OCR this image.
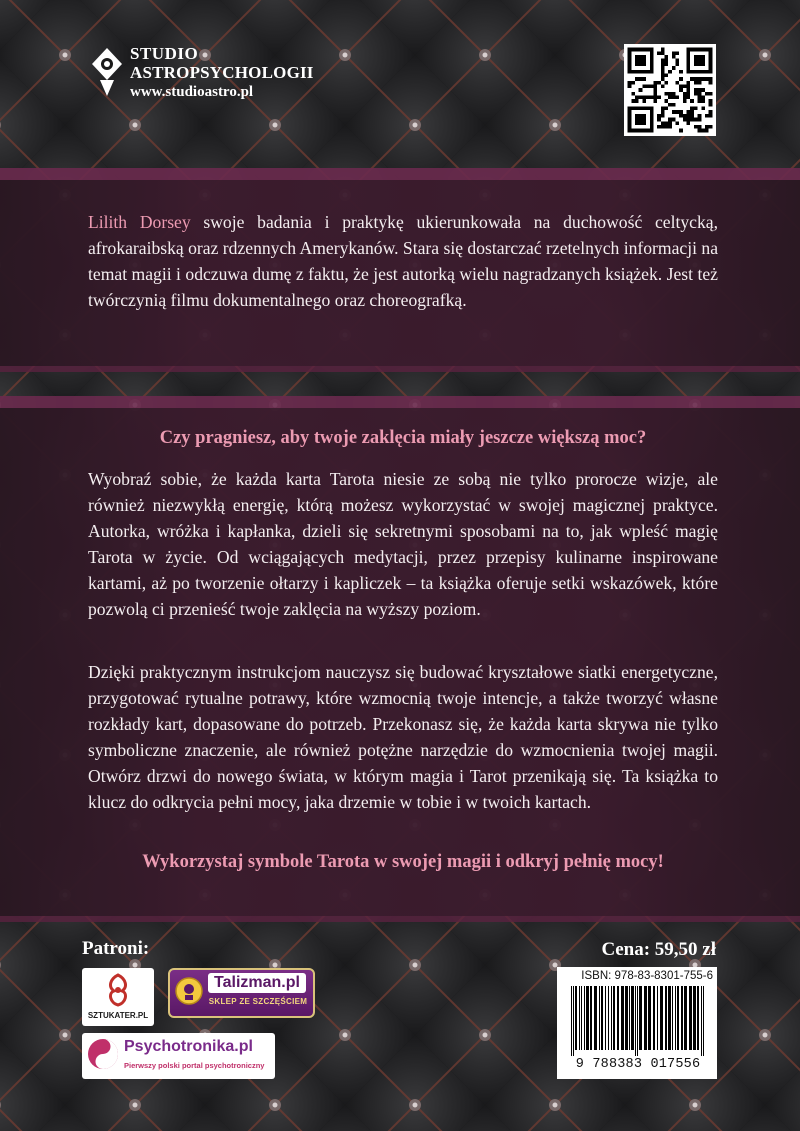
STUDIO
ASTROPSYCHOLOGII
www.studioastro.pl
Lilith Dorsey swoje badania i praktykę ukierunkowała na duchowość celtycką, afrokaraibską oraz rdzennych Amerykanów. Stara się dostarczać rzetelnych informacji na temat magii i odczuwa dumę z faktu, że jest autorką wielu nagradzanych książek. Jest też twórczynią filmu dokumentalnego oraz choreografką.
Czy pragniesz, aby twoje zaklęcia miały jeszcze większą moc?
Wyobraź sobie, że każda karta Tarota niesie ze sobą nie tylko prorocze wizje, ale również niezwykłą energię, którą możesz wykorzystać w swojej magicznej praktyce. Autorka, wróżka i kapłanka, dzieli się sekretnymi sposobami na to, jak wpleść magię Tarota w życie. Od wciągających medytacji, przez przepisy kulinarne inspirowane kartami, aż po tworzenie ołtarzy i kapliczek – ta książka oferuje setki wskazówek, które pozwolą ci przenieść twoje zaklęcia na wyższy poziom.
Dzięki praktycznym instrukcjom nauczysz się budować kryształowe siatki energetyczne, przygotować rytualne potrawy, które wzmocnią twoje intencje, a także tworzyć własne rozkłady kart, dopasowane do potrzeb. Przekonasz się, że każda karta skrywa nie tylko symboliczne znaczenie, ale również potężne narzędzie do wzmocnienia twojej magii. Otwórz drzwi do nowego świata, w którym magia i Tarot przenikają się. Ta książka to klucz do odkrycia pełni mocy, jaka drzemie w tobie i w twoich kartach.
Wykorzystaj symbole Tarota w swojej magii i odkryj pełnię mocy!
Patroni:
SZTUKATER.PL
Talizman.pl
SKLEP ZE SZCZĘŚCIEM
Psychotronika.pl
Pierwszy polski portal psychotroniczny
Cena: 59,50 zł
ISBN: 978-83-8301-755-6
9 788383 017556
